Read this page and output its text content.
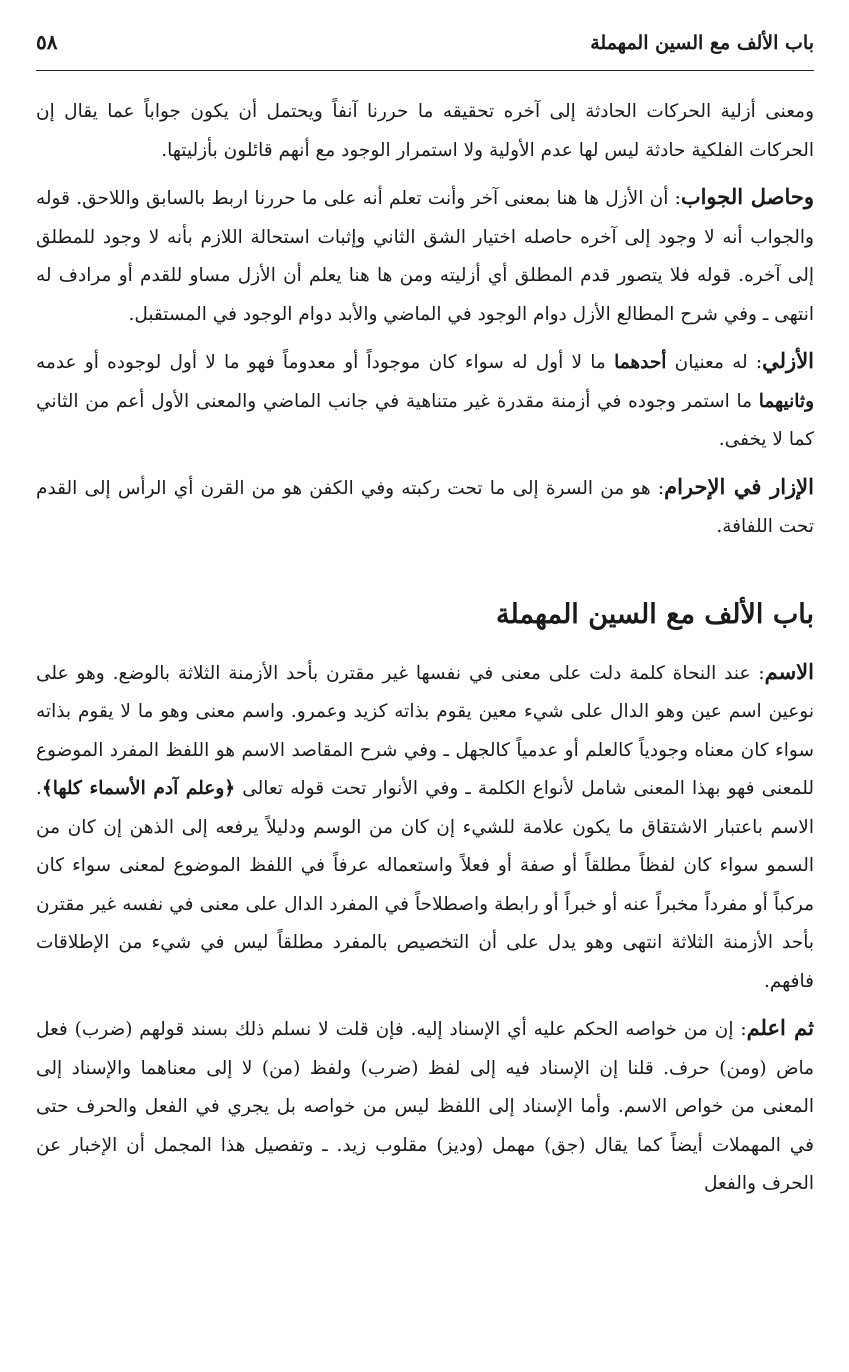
باب الألف مع السين المهملة
٥٨

ومعنى أزلية الحركات الحادثة إلى آخره تحقيقه ما حررنا آنفاً ويحتمل أن يكون جواباً عما يقال إن الحركات الفلكية حادثة ليس لها عدم الأولية ولا استمرار الوجود مع أنهم قائلون بأزليتها.

وحاصل الجواب: أن الأزل ها هنا بمعنى آخر وأنت تعلم أنه على ما حررنا اربط بالسابق واللاحق. قوله والجواب أنه لا وجود إلى آخره حاصله اختيار الشق الثاني وإثبات استحالة اللازم بأنه لا وجود للمطلق إلى آخره. قوله فلا يتصور قدم المطلق أي أزليته ومن ها هنا يعلم أن الأزل مساو للقدم أو مرادف له انتهى ـ وفي شرح المطالع الأزل دوام الوجود في الماضي والأبد دوام الوجود في المستقبل.

الأزلي: له معنيان أحدهما ما لا أول له سواء كان موجوداً أو معدوماً فهو ما لا أول لوجوده أو عدمه وثانيهما ما استمر وجوده في أزمنة مقدرة غير متناهية في جانب الماضي والمعنى الأول أعم من الثاني كما لا يخفى.

الإزار في الإحرام: هو من السرة إلى ما تحت ركبته وفي الكفن هو من القرن أي الرأس إلى القدم تحت اللفافة.

باب الألف مع السين المهملة

الاسم: عند النحاة كلمة دلت على معنى في نفسها غير مقترن بأحد الأزمنة الثلاثة بالوضع. وهو على نوعين اسم عين وهو الدال على شيء معين يقوم بذاته كزيد وعمرو. واسم معنى وهو ما لا يقوم بذاته سواء كان معناه وجودياً كالعلم أو عدمياً كالجهل ـ وفي شرح المقاصد الاسم هو اللفظ المفرد الموضوع للمعنى فهو بهذا المعنى شامل لأنواع الكلمة ـ وفي الأنوار تحت قوله تعالى ﴿وعلم آدم الأسماء كلها﴾. الاسم باعتبار الاشتقاق ما يكون علامة للشيء إن كان من الوسم ودليلاً يرفعه إلى الذهن إن كان من السمو سواء كان لفظاً مطلقاً أو صفة أو فعلاً واستعماله عرفاً في اللفظ الموضوع لمعنى سواء كان مركباً أو مفرداً مخبراً عنه أو خبراً أو رابطة واصطلاحاً في المفرد الدال على معنى في نفسه غير مقترن بأحد الأزمنة الثلاثة انتهى وهو يدل على أن التخصيص بالمفرد مطلقاً ليس في شيء من الإطلاقات فافهم.

ثم اعلم: إن من خواصه الحكم عليه أي الإسناد إليه. فإن قلت لا نسلم ذلك بسند قولهم (ضرب) فعل ماض (ومن) حرف. قلنا إن الإسناد فيه إلى لفظ (ضرب) ولفظ (من) لا إلى معناهما والإسناد إلى المعنى من خواص الاسم. وأما الإسناد إلى اللفظ ليس من خواصه بل يجري في الفعل والحرف حتى في المهملات أيضاً كما يقال (جق) مهمل (وديز) مقلوب زيد. ـ وتفصيل هذا المجمل أن الإخبار عن الحرف والفعل
